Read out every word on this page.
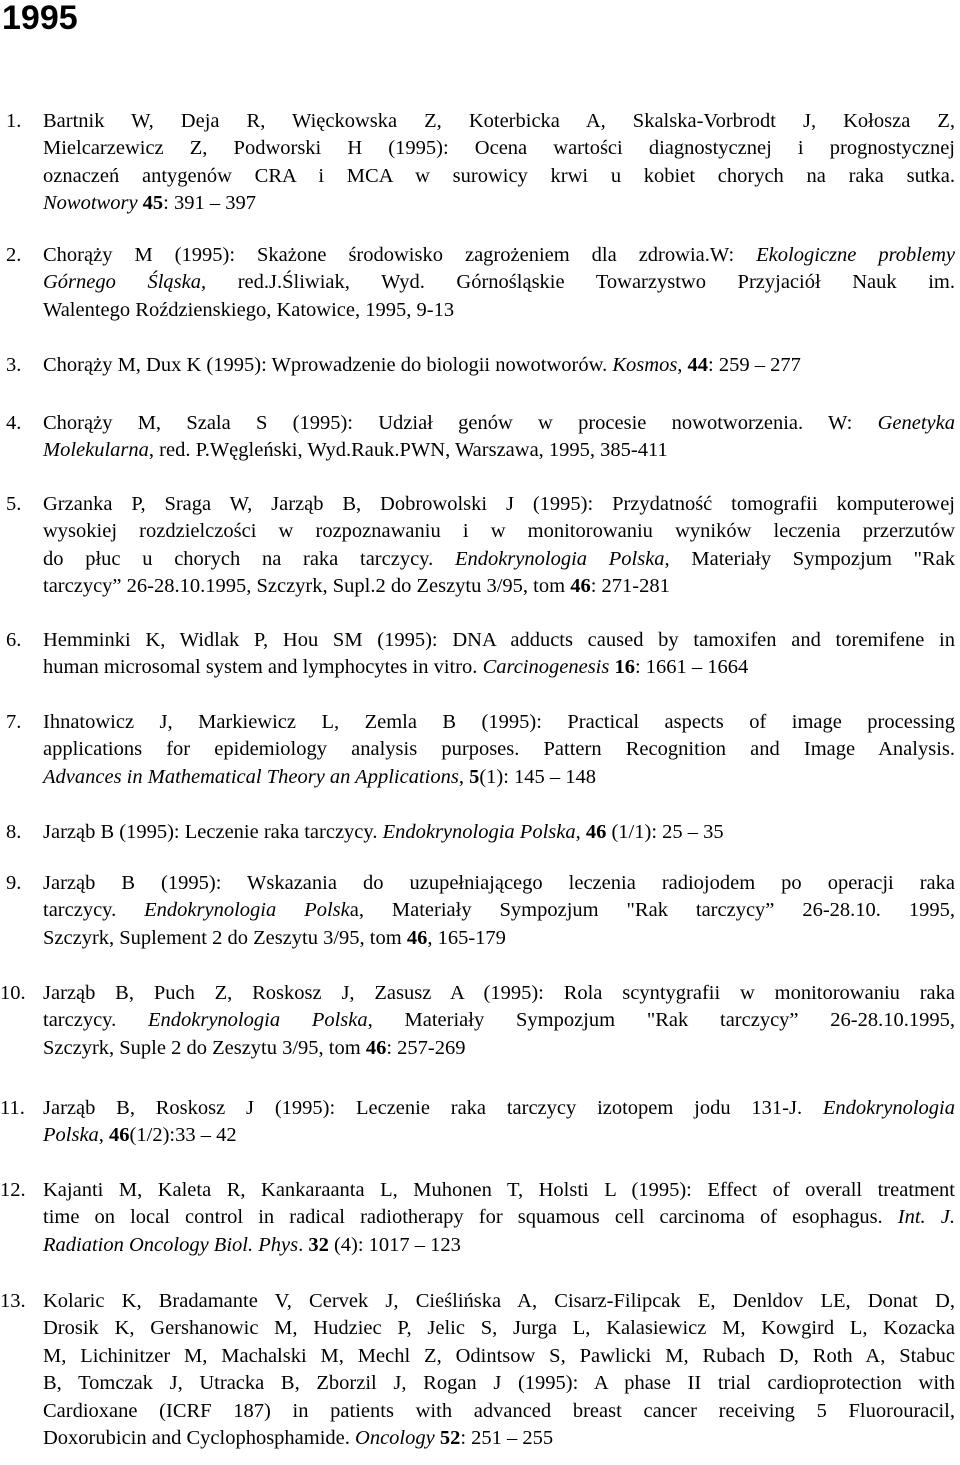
1995
1. Bartnik W, Deja R, Więckowska Z, Koterbicka A, Skalska-Vorbrodt J, Kołosza Z,
Mielcarzewicz Z, Podworski H (1995): Ocena wartości diagnostycznej i prognostycznej
oznaczeń antygenów CRA i MCA w surowicy krwi u kobiet chorych na raka sutka.
Nowotwory 45: 391 – 397
2. Chorąży M (1995): Skażone środowisko zagrożeniem dla zdrowia.W: Ekologiczne problemy
Górnego Śląska, red.J.Śliwiak, Wyd. Górnośląskie Towarzystwo Przyjaciół Nauk im.
Walentego Roździenskiego, Katowice, 1995, 9-13
3. Chorąży M, Dux K (1995): Wprowadzenie do biologii nowotworów. Kosmos, 44: 259 – 277
4. Chorąży M, Szala S (1995): Udział genów w procesie nowotworzenia. W: Genetyka
Molekularna, red. P.Węgleński, Wyd.Rauk.PWN, Warszawa, 1995, 385-411
5. Grzanka P, Sraga W, Jarząb B, Dobrowolski J (1995): Przydatność tomografii komputerowej
wysokiej rozdzielczości w rozpoznawaniu i w monitorowaniu wyników leczenia przerzutów
do płuc u chorych na raka tarczycy. Endokrynologia Polska, Materiały Sympozjum "Rak
tarczycy” 26-28.10.1995, Szczyrk, Supl.2 do Zeszytu 3/95, tom 46: 271-281
6. Hemminki K, Widlak P, Hou SM (1995): DNA adducts caused by tamoxifen and toremifene in
human microsomal system and lymphocytes in vitro. Carcinogenesis 16: 1661 – 1664
7. Ihnatowicz J, Markiewicz L, Zemla B (1995): Practical aspects of image processing
applications for epidemiology analysis purposes. Pattern Recognition and Image Analysis.
Advances in Mathematical Theory an Applications, 5(1): 145 – 148
8. Jarząb B (1995): Leczenie raka tarczycy. Endokrynologia Polska, 46 (1/1): 25 – 35
9. Jarząb B (1995): Wskazania do uzupełniającego leczenia radiojodem po operacji raka
tarczycy. Endokrynologia Polska, Materiały Sympozjum "Rak tarczycy” 26-28.10. 1995,
Szczyrk, Suplement 2 do Zeszytu 3/95, tom 46, 165-179
10. Jarząb B, Puch Z, Roskosz J, Zasusz A (1995): Rola scyntygrafii w monitorowaniu raka
tarczycy. Endokrynologia Polska, Materiały Sympozjum "Rak tarczycy” 26-28.10.1995,
Szczyrk, Suple 2 do Zeszytu 3/95, tom 46: 257-269
11. Jarząb B, Roskosz J (1995): Leczenie raka tarczycy izotopem jodu 131-J. Endokrynologia
Polska, 46(1/2):33 – 42
12. Kajanti M, Kaleta R, Kankaraanta L, Muhonen T, Holsti L (1995): Effect of overall treatment
time on local control in radical radiotherapy for squamous cell carcinoma of esophagus. Int. J.
Radiation Oncology Biol. Phys. 32 (4): 1017 – 123
13. Kolaric K, Bradamante V, Cervek J, Cieślińska A, Cisarz-Filipcak E, Denldov LE, Donat D,
Drosik K, Gershanowic M, Hudziec P, Jelic S, Jurga L, Kalasiewicz M, Kowgird L, Kozacka
M, Lichinitzer M, Machalski M, Mechl Z, Odintsow S, Pawlicki M, Rubach D, Roth A, Stabuc
B, Tomczak J, Utracka B, Zborzil J, Rogan J (1995): A phase II trial cardioprotection with
Cardioxane (ICRF 187) in patients with advanced breast cancer receiving 5 Fluorouracil,
Doxorubicin and Cyclophosphamide. Oncology 52: 251 – 255
